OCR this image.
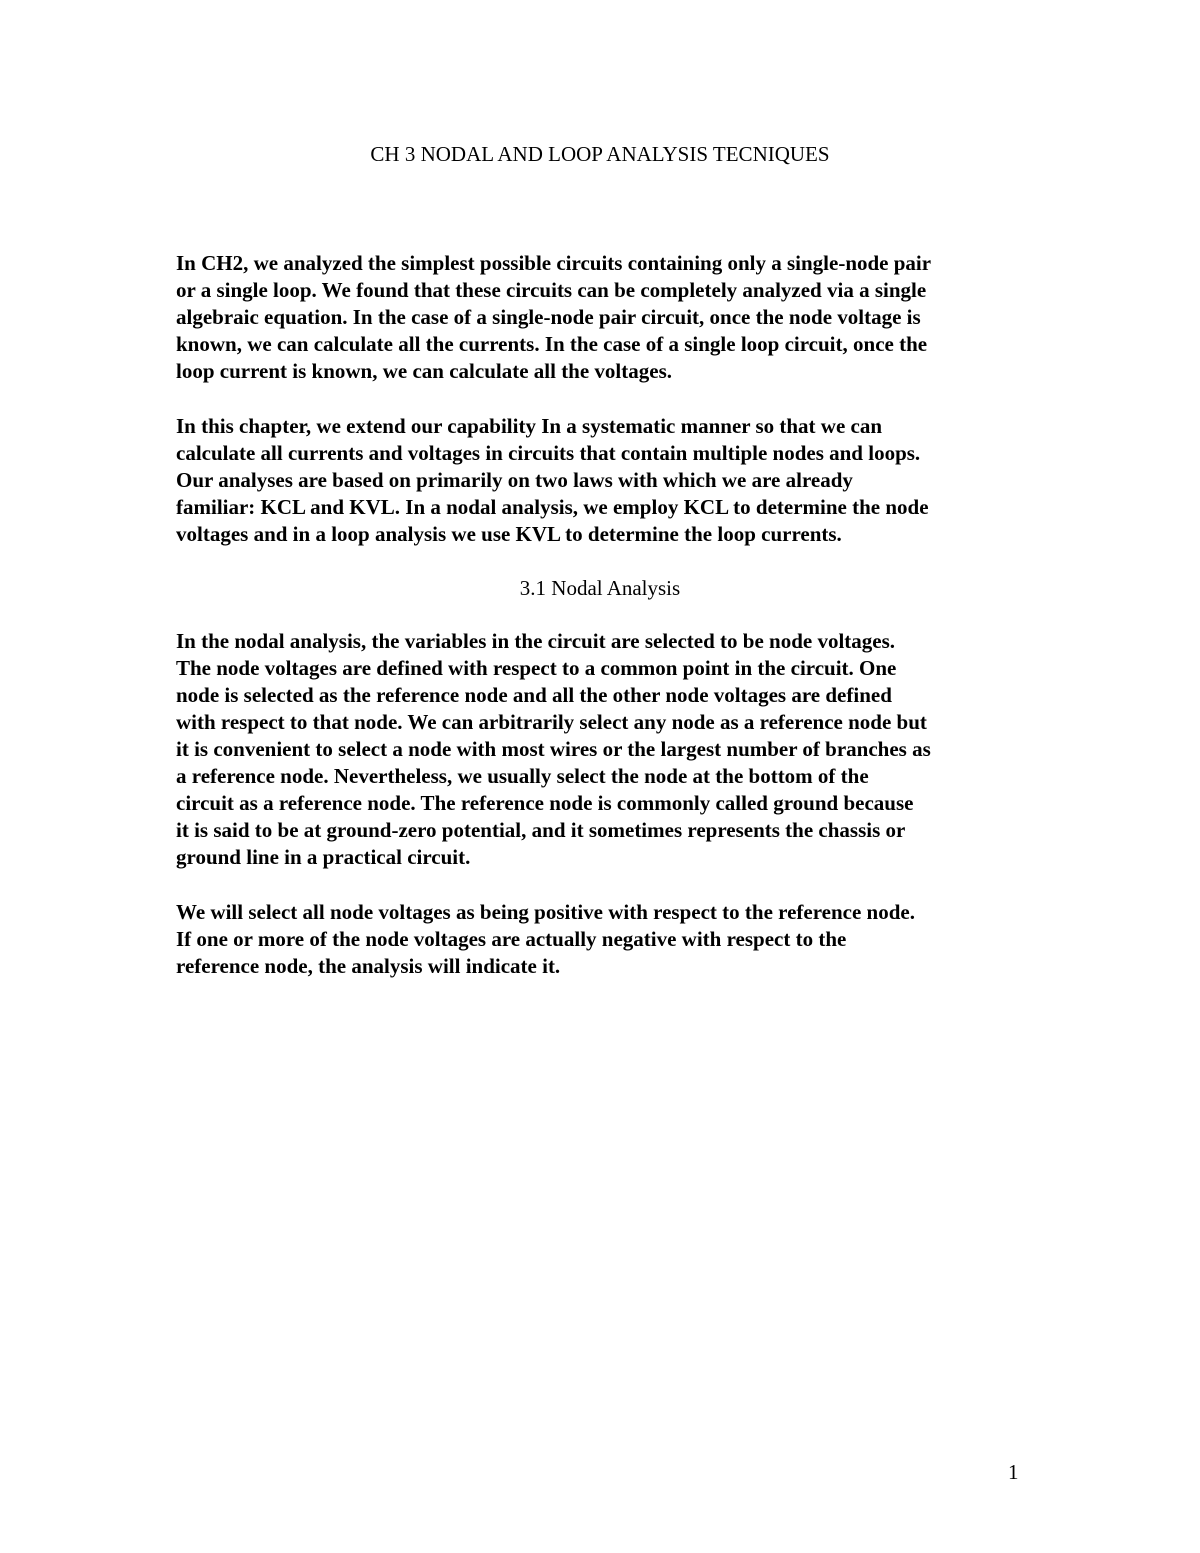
CH 3 NODAL AND LOOP ANALYSIS TECNIQUES

In CH2, we analyzed the simplest possible circuits containing only a single-node pair
or a single loop. We found that these circuits can be completely analyzed via a single
algebraic equation. In the case of a single-node pair circuit, once the node voltage is
known, we can calculate all the currents. In the case of a single loop circuit, once the
loop current is known, we can calculate all the voltages.

In this chapter, we extend our capability In a systematic manner so that we can
calculate all currents and voltages in circuits that contain multiple nodes and loops.
Our analyses are based on primarily on two laws with which we are already
familiar: KCL and KVL. In a nodal analysis, we employ KCL to determine the node
voltages and in a loop analysis we use KVL to determine the loop currents.

3.1 Nodal Analysis

In the nodal analysis, the variables in the circuit are selected to be node voltages.
The node voltages are defined with respect to a common point in the circuit. One
node is selected as the reference node and all the other node voltages are defined
with respect to that node. We can arbitrarily select any node as a reference node but
it is convenient to select a node with most wires or the largest number of branches as
a reference node. Nevertheless, we usually select the node at the bottom of the
circuit as a reference node. The reference node is commonly called ground because
it is said to be at ground-zero potential, and it sometimes represents the chassis or
ground line in a practical circuit.

We will select all node voltages as being positive with respect to the reference node.
If one or more of the node voltages are actually negative with respect to the
reference node, the analysis will indicate it.

1
